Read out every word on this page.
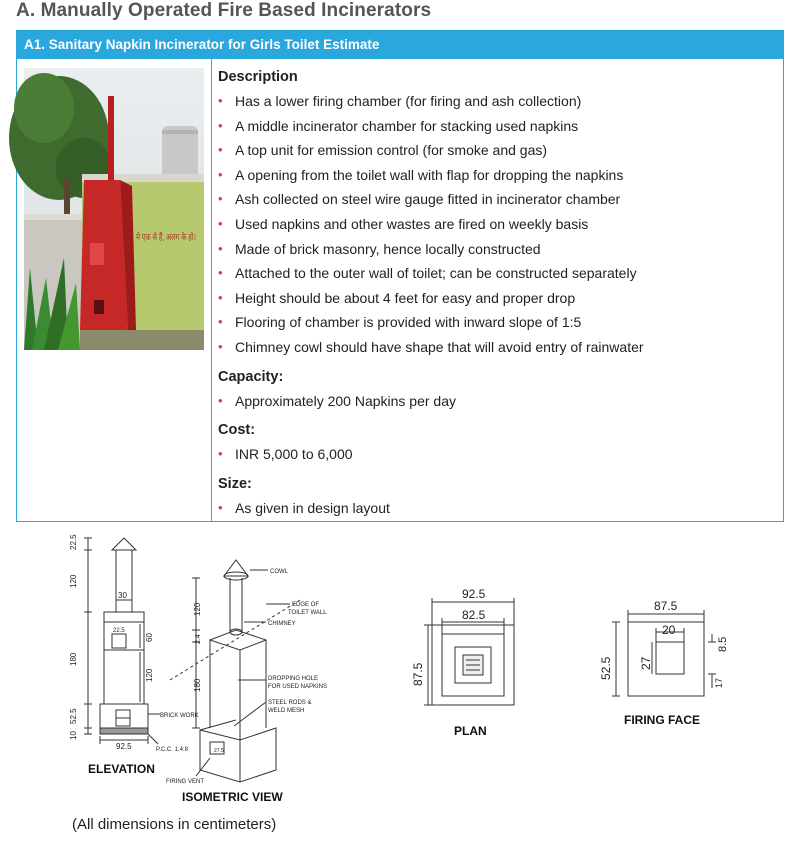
A. Manually Operated Fire Based Incinerators
A1. Sanitary Napkin Incinerator for Girls Toilet Estimate
मे एक से हैं, अलग के हो।
Description
• Has a lower firing chamber (for firing and ash collection)
• A middle incinerator chamber for stacking used napkins
• A top unit for emission control (for smoke and gas)
• A opening from the toilet wall with flap for dropping the napkins
• Ash collected on steel wire gauge fitted in incinerator chamber
• Used napkins and other wastes are fired on weekly basis
• Made of brick masonry, hence locally constructed
• Attached to the outer wall of toilet; can be constructed separately
• Height should be about 4 feet for easy and proper drop
• Flooring of chamber is provided with inward slope of 1:5
• Chimney cowl should have shape that will avoid entry of rainwater
Capacity:
• Approximately 200 Napkins per day
Cost:
• INR 5,000 to 6,000
Size:
• As given in design layout
22.5
120
30
22.5
60
180
120
52.5
10
92.5
BRICK WORK
P.C.C. 1:4:8
120
2.4
180
27.5
COWL
EDGE OF
TOILET WALL
CHIMNEY
DROPPING HOLE
FOR USED NAPKINS
STEEL RODS &
WELD MESH
FIRING VENT
92.5
82.5
87.5
87.5
20
52.5 27
8.5
17
ELEVATION
ISOMETRIC VIEW
PLAN
FIRING FACE
(All dimensions in centimeters)
